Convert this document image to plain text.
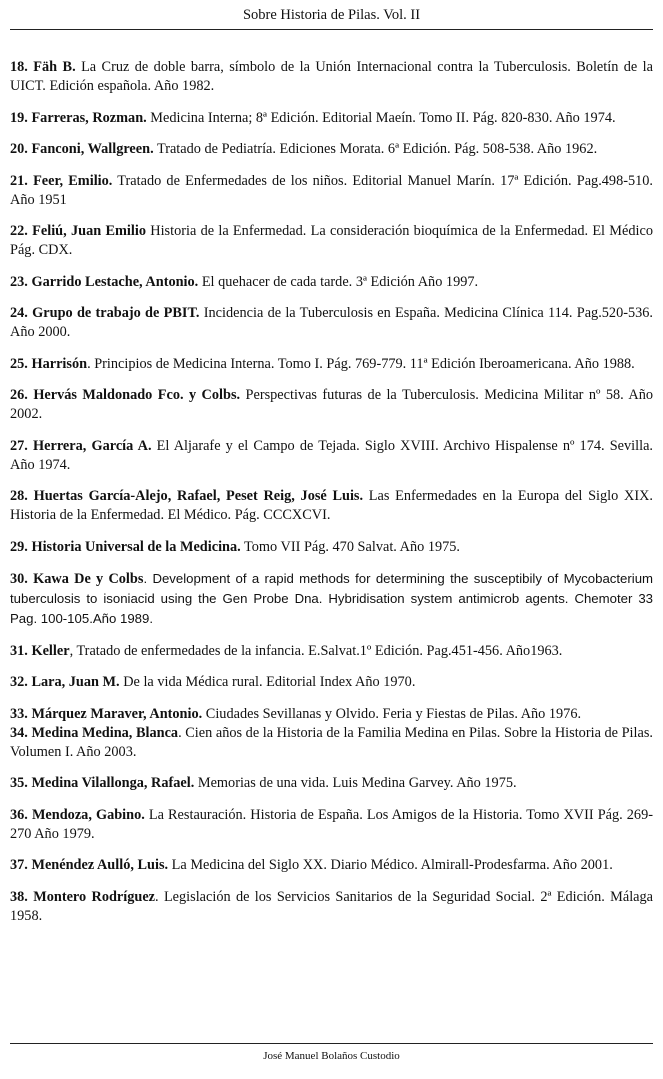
Sobre Historia de Pilas. Vol. II

18. Fäh B. La Cruz de doble barra, símbolo de la Unión Internacional contra la Tuberculosis. Boletín de la UICT. Edición española. Año 1982.

19. Farreras, Rozman. Medicina Interna; 8ª Edición. Editorial Maeín. Tomo II. Pág. 820-830. Año 1974.

20. Fanconi, Wallgreen. Tratado de Pediatría. Ediciones Morata. 6ª Edición. Pág. 508-538. Año 1962.

21. Feer, Emilio. Tratado de Enfermedades de los niños. Editorial Manuel Marín. 17ª Edición. Pag.498-510. Año 1951

22. Feliú, Juan Emilio Historia de la Enfermedad. La consideración bioquímica de la Enfermedad. El Médico Pág. CDX.

23. Garrido Lestache, Antonio. El quehacer de cada tarde. 3ª Edición Año 1997.

24. Grupo de trabajo de PBIT. Incidencia de la Tuberculosis en España. Medicina Clínica 114. Pag.520-536. Año 2000.

25. Harrisón. Principios de Medicina Interna. Tomo I. Pág. 769-779. 11ª Edición Iberoamericana. Año 1988.

26. Hervás Maldonado Fco. y Colbs. Perspectivas futuras de la Tuberculosis. Medicina Militar nº 58. Año 2002.

27. Herrera, García A. El Aljarafe y el Campo de Tejada. Siglo XVIII. Archivo Hispalense nº 174. Sevilla. Año 1974.

28. Huertas García-Alejo, Rafael, Peset Reig, José Luis. Las Enfermedades en la Europa del Siglo XIX. Historia de la Enfermedad. El Médico. Pág. CCCXCVI.

29. Historia Universal de la Medicina. Tomo VII Pág. 470 Salvat. Año 1975.

30. Kawa De y Colbs. Development of a rapid methods for determining the susceptibily of Mycobacterium tuberculosis to isoniacid using the Gen Probe Dna. Hybridisation system antimicrob agents. Chemoter 33 Pag. 100-105.Año 1989.

31. Keller, Tratado de enfermedades de la infancia. E.Salvat.1º Edición. Pag.451-456. Año1963.

32. Lara, Juan M. De la vida Médica rural. Editorial Index Año 1970.

33. Márquez Maraver, Antonio. Ciudades Sevillanas y Olvido. Feria y Fiestas de Pilas. Año 1976.

34. Medina Medina, Blanca. Cien años de la Historia de la Familia Medina en Pilas. Sobre la Historia de Pilas. Volumen I. Año 2003.

35. Medina Vilallonga, Rafael. Memorias de una vida. Luis Medina Garvey. Año 1975.

36. Mendoza, Gabino. La Restauración. Historia de España. Los Amigos de la Historia. Tomo XVII Pág. 269-270 Año 1979.

37. Menéndez Aulló, Luis. La Medicina del Siglo XX. Diario Médico. Almirall-Prodesfarma. Año 2001.

38. Montero Rodríguez. Legislación de los Servicios Sanitarios de la Seguridad Social. 2ª Edición. Málaga 1958.

José Manuel Bolaños Custodio
